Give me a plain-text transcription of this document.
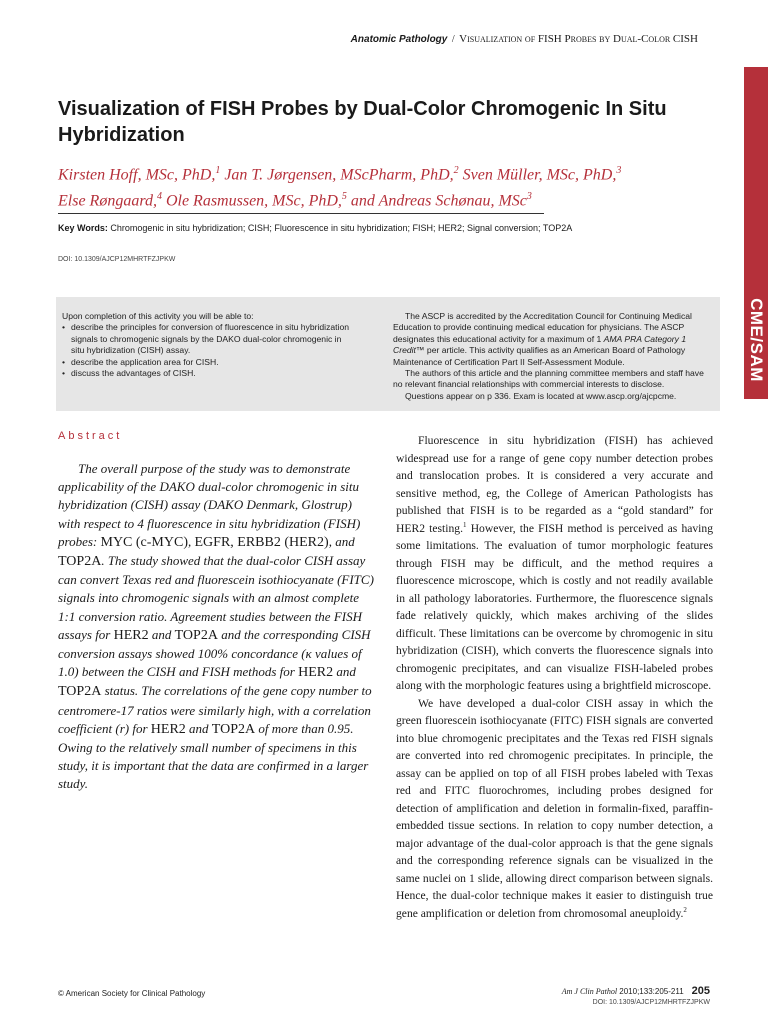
Anatomic Pathology / Visualization of FISH Probes by Dual-Color CISH
CME/SAM
Visualization of FISH Probes by Dual-Color Chromogenic In Situ Hybridization

Kirsten Hoff, MSc, PhD,$^1$ Jan T. Jørgensen, MScPharm, PhD,$^2$ Sven Müller, MSc, PhD,$^3$
Else Røngaard,$^4$ Ole Rasmussen, MSc, PhD,$^5$ and Andreas Schønau, MSc$^3$

Key Words: Chromogenic in situ hybridization; CISH; Fluorescence in situ hybridization; FISH; HER2; Signal conversion; TOP2A
DOI: 10.1309/AJCP12MHRTFZJPKW
Upon completion of this activity you will be able to:
• describe the principles for conversion of fluorescence in situ hybridization signals to chromogenic signals by the DAKO dual-color chromogenic in situ hybridization (CISH) assay.
• describe the application area for CISH.
• discuss the advantages of CISH.

The ASCP is accredited by the Accreditation Council for Continuing Medical Education to provide continuing medical education for physicians. The ASCP designates this educational activity for a maximum of 1 AMA PRA Category 1 Credit™ per article. This activity qualifies as an American Board of Pathology Maintenance of Certification Part II Self-Assessment Module.

The authors of this article and the planning committee members and staff have no relevant financial relationships with commercial interests to disclose.

Questions appear on p 336. Exam is located at www.ascp.org/ajcpcme.

Abstract

The overall purpose of the study was to demonstrate applicability of the DAKO dual-color chromogenic in situ hybridization (CISH) assay (DAKO Denmark, Glostrup) with respect to 4 fluorescence in situ hybridization (FISH) probes: MYC (c-MYC), EGFR, ERBB2 (HER2), and TOP2A. The study showed that the dual-color CISH assay can convert Texas red and fluorescein isothiocyanate (FITC) signals into chromogenic signals with an almost complete 1:1 conversion ratio. Agreement studies between the FISH assays for HER2 and TOP2A and the corresponding CISH conversion assays showed 100% concordance (κ values of 1.0) between the CISH and FISH methods for HER2 and TOP2A status. The correlations of the gene copy number to centromere-17 ratios were similarly high, with a correlation coefficient (r) for HER2 and TOP2A of more than 0.95. Owing to the relatively small number of specimens in this study, it is important that the data are confirmed in a larger study.

Fluorescence in situ hybridization (FISH) has achieved widespread use for a range of gene copy number detection probes and translocation probes. It is considered a very accurate and sensitive method, eg, the College of American Pathologists has published that FISH is to be regarded as a “gold standard” for HER2 testing.$^1$ However, the FISH method is perceived as having some limitations. The evaluation of tumor morphologic features through FISH may be difficult, and the method requires a fluorescence microscope, which is costly and not readily available in all pathology laboratories. Furthermore, the fluorescence signals fade relatively quickly, which makes archiving of the slides difficult. These limitations can be overcome by chromogenic in situ hybridization (CISH), which converts the fluorescence signals into chromogenic precipitates, and can visualize FISH-labeled probes along with the morphologic features using a brightfield microscope.

We have developed a dual-color CISH assay in which the green fluorescein isothiocyanate (FITC) FISH signals are converted into blue chromogenic precipitates and the Texas red FISH signals are converted into red chromogenic precipitates. In principle, the assay can be applied on top of all FISH probes labeled with Texas red and FITC fluorochromes, including probes designed for detection of amplification and deletion in formalin-fixed, paraffin-embedded tissue sections. In relation to copy number detection, a major advantage of the dual-color approach is that the gene signals and the corresponding reference signals can be visualized in the same nuclei on 1 slide, allowing direct comparison between signals. Hence, the dual-color technique makes it easier to distinguish true gene amplification or deletion from chromosomal aneuploidy.$^2$

© American Society for Clinical Pathology	Am J Clin Pathol 2010;133:205-211 205
DOI: 10.1309/AJCP12MHRTFZJPKW
